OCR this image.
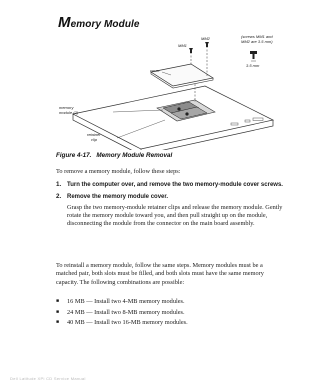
Memory Module
MM2
MM1
(screws MM1 and
MM2 are 3.5 mm)
3.5 mm
cover
memory
module (2)
retainer
clip
Figure 4-17. Memory Module Removal
To remove a memory module, follow these steps:
1. Turn the computer over, and remove the two memory-module cover screws.
2. Remove the memory module cover.
Grasp the two memory-module retainer clips and release the memory module. Gently rotate the memory module toward you, and then pull straight up on the module, disconnecting the module from the connector on the main board assembly.
To reinstall a memory module, follow the same steps. Memory modules must be a matched pair, both slots must be filled, and both slots must have the same memory capacity. The following combinations are possible:
■	16 MB — Install two 4-MB memory modules.
■	24 MB — Install two 8-MB memory modules.
■	40 MB — Install two 16-MB memory modules.
Dell Latitude XPi CD Service Manual
